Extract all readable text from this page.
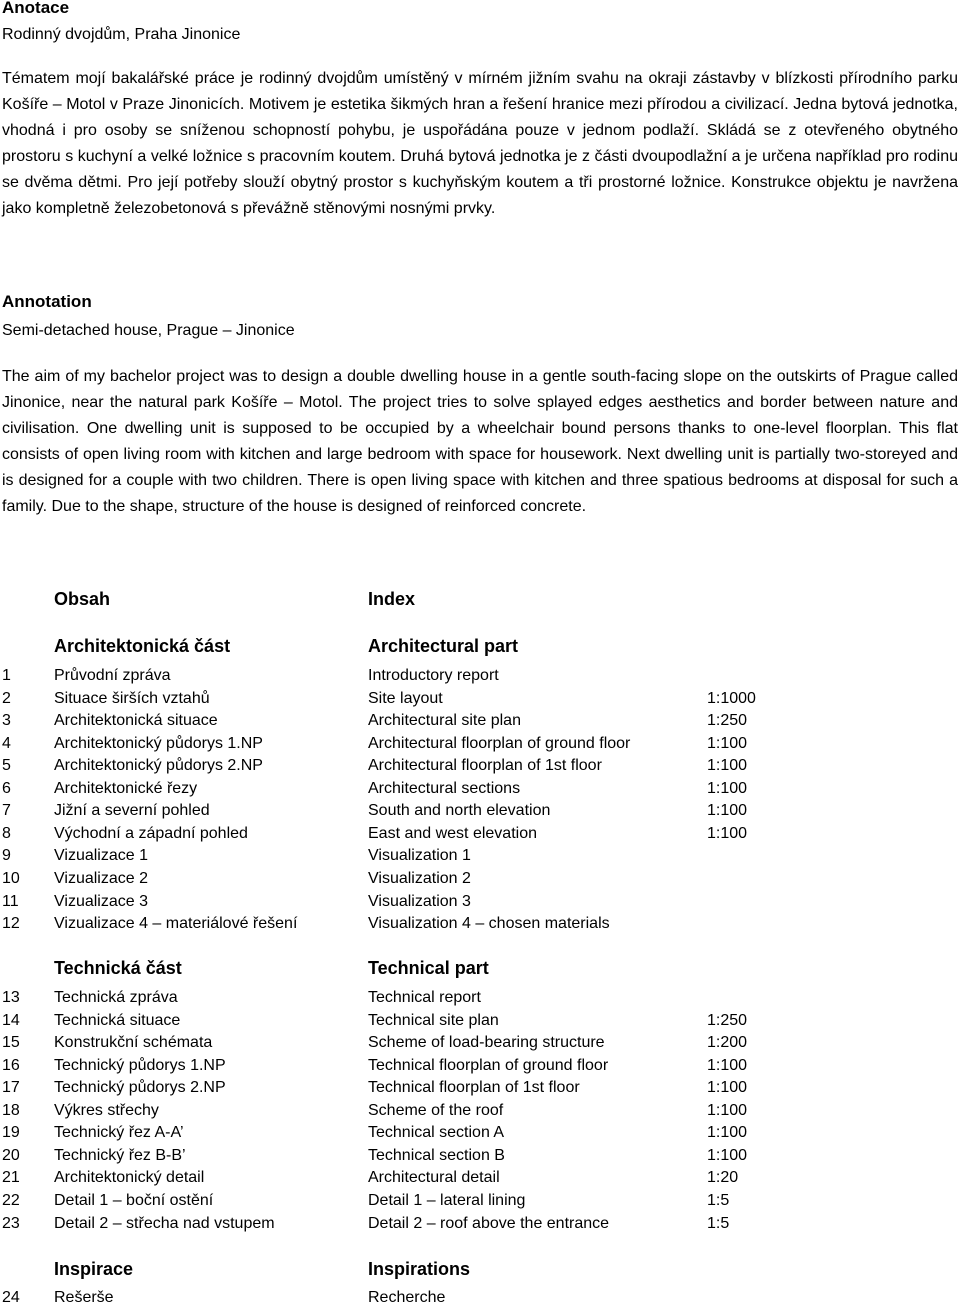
Anotace
Rodinný dvojdům, Praha Jinonice

Tématem mojí bakalářské práce je rodinný dvojdům umístěný v mírném jižním svahu na okraji zástavby v blízkosti přírodního parku Košíře – Motol v Praze Jinonicích. Motivem je estetika šikmých hran a řešení hranice mezi přírodou a civilizací. Jedna bytová jednotka, vhodná i pro osoby se sníženou schopností pohybu, je uspořádána pouze v jednom podlaží. Skládá se z otevřeného obytného prostoru s kuchyní a velké ložnice s pracovním koutem. Druhá bytová jednotka je z části dvoupodlažní a je určena například pro rodinu se dvěma dětmi. Pro její potřeby slouží obytný prostor s kuchyňským koutem a tři prostorné ložnice. Konstrukce objektu je navržena jako kompletně železobetonová s převážně stěnovými nosnými prvky.

Annotation
Semi-detached house, Prague – Jinonice

The aim of my bachelor project was to design a double dwelling house in a gentle south-facing slope on the outskirts of Prague called Jinonice, near the natural park Košíře – Motol. The project tries to solve splayed edges aesthetics and border between nature and civilisation. One dwelling unit is supposed to be occupied by a wheelchair bound persons thanks to one-level floorplan. This flat consists of open living room with kitchen and large bedroom with space for housework. Next dwelling unit is partially two-storeyed and is designed for a couple with two children. There is open living space with kitchen and three spatious bedrooms at disposal for such a family. Due to the shape, structure of the house is designed of reinforced concrete.

Obsah	Index
Architektonická část	Architectural part
1	Průvodní zpráva	Introductory report
2	Situace širších vztahů	Site layout	1:1000
3	Architektonická situace	Architectural site plan	1:250
4	Architektonický půdorys 1.NP	Architectural floorplan of ground floor	1:100
5	Architektonický půdorys 2.NP	Architectural floorplan of 1st floor	1:100
6	Architektonické řezy	Architectural sections	1:100
7	Jižní a severní pohled	South and north elevation	1:100
8	Východní a západní pohled	East and west elevation	1:100
9	Vizualizace 1	Visualization 1
10 Vizualizace 2	Visualization 2
11 Vizualizace 3	Visualization 3
12 Vizualizace 4 – materiálové řešení	Visualization 4 – chosen materials
Technická část	Technical part
13 Technická zpráva	Technical report
14 Technická situace	Technical site plan	1:250
15 Konstrukční schémata	Scheme of load-bearing structure	1:200
16 Technický půdorys 1.NP	Technical floorplan of ground floor	1:100
17 Technický půdorys 2.NP	Technical floorplan of 1st floor	1:100
18 Výkres střechy	Scheme of the roof	1:100
19 Technický řez A-A’	Technical section A	1:100
20 Technický řez B-B’	Technical section B	1:100
21 Architektonický detail	Architectural detail	1:20
22 Detail 1 – boční ostění	Detail 1 – lateral lining	1:5
23 Detail 2 – střecha nad vstupem	Detail 2 – roof above the entrance	1:5
Inspirace	Inspirations
24 Rešerše	Recherche
